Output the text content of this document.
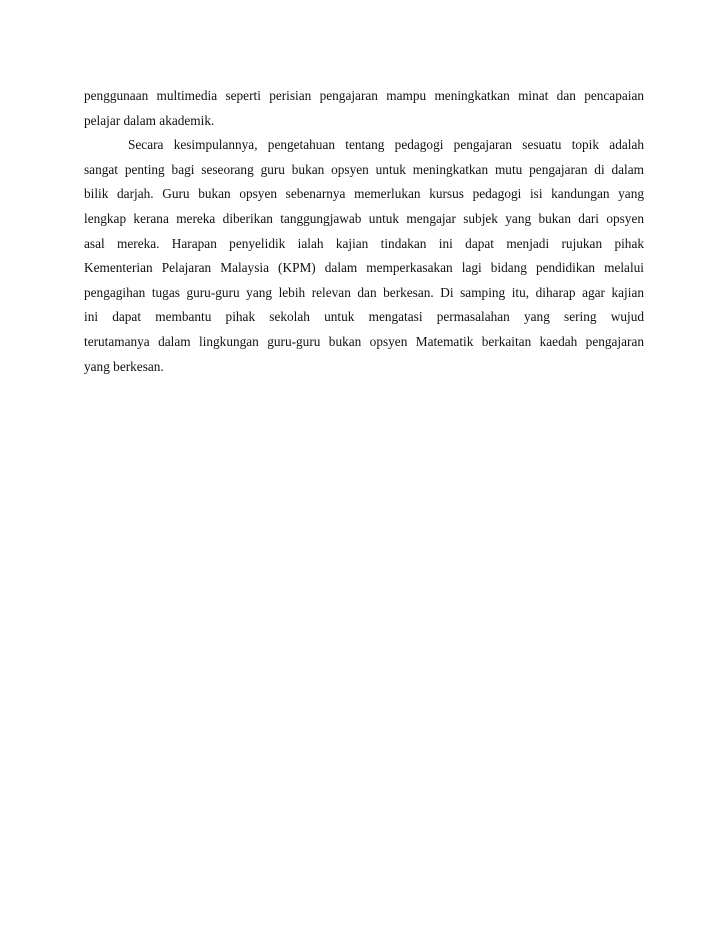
penggunaan multimedia seperti perisian pengajaran mampu meningkatkan minat dan pencapaian
pelajar dalam akademik.
Secara kesimpulannya, pengetahuan tentang pedagogi pengajaran sesuatu topik adalah
sangat penting bagi seseorang guru bukan opsyen untuk meningkatkan mutu pengajaran di dalam
bilik darjah. Guru bukan opsyen sebenarnya memerlukan kursus pedagogi isi kandungan yang
lengkap kerana mereka diberikan tanggungjawab untuk mengajar subjek yang bukan dari opsyen
asal mereka. Harapan penyelidik ialah kajian tindakan ini dapat menjadi rujukan pihak
Kementerian Pelajaran Malaysia (KPM) dalam memperkasakan lagi bidang pendidikan melalui
pengagihan tugas guru-guru yang lebih relevan dan berkesan. Di samping itu, diharap agar kajian
ini dapat membantu pihak sekolah untuk mengatasi permasalahan yang sering wujud
terutamanya dalam lingkungan guru-guru bukan opsyen Matematik berkaitan kaedah pengajaran
yang berkesan.
